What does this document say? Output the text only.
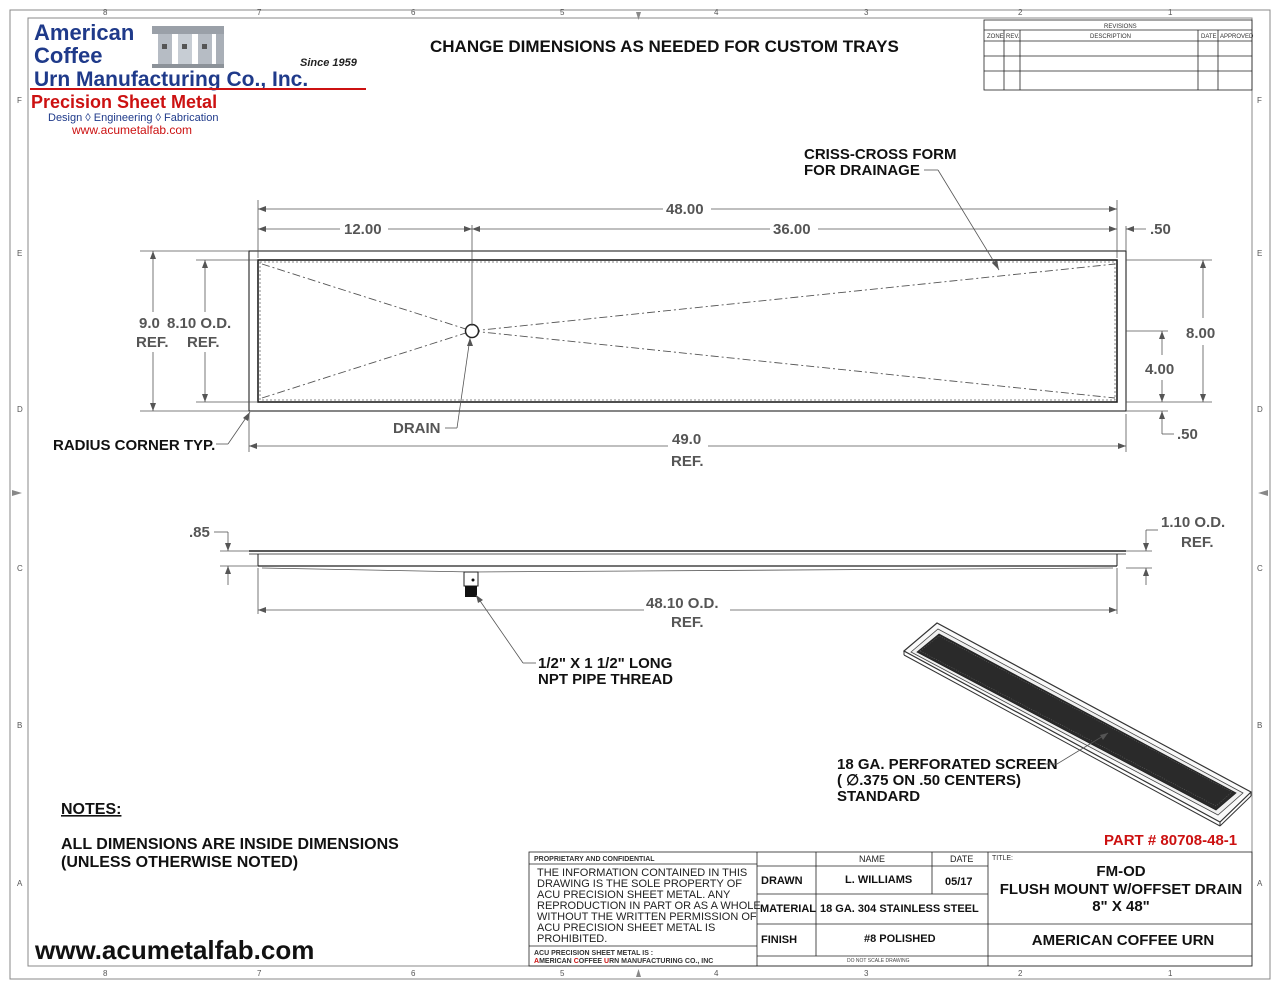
8	7	6	5	4	3	2	1
8	7	6	5	4	3	2	1
F
E
D
C
B
A
F
E
D
C
B
A
American
Coffee
Urn Manufacturing Co., Inc.
Since 1959
Precision Sheet Metal
Design ◊ Engineering ◊ Fabrication
www.acumetalfab.com
CHANGE DIMENSIONS AS NEEDED FOR CUSTOM TRAYS
REVISIONS
ZONE REV.	DESCRIPTION	DATE APPROVED
48.00
12.00	36.00	.50
9.0
REF.
8.10 O.D.
REF.
8.00
4.00
.50
DRAIN
CRISS-CROSS FORM
FOR DRAINAGE
RADIUS CORNER TYP.	49.0
REF.
.85
1.10 O.D.
REF.
48.10 O.D.
REF.
1/2" X 1 1/2" LONG
NPT PIPE THREAD
18 GA. PERFORATED SCREEN
( ∅.375 ON .50 CENTERS)
STANDARD
NOTES:
ALL DIMENSIONS ARE INSIDE DIMENSIONS
(UNLESS OTHERWISE NOTED)
www.acumetalfab.com
PART # 80708-48-1
PROPRIETARY AND CONFIDENTIAL
THE INFORMATION CONTAINED IN THIS
DRAWING IS THE SOLE PROPERTY OF
ACU PRECISION SHEET METAL. ANY
REPRODUCTION IN PART OR AS A WHOLE
WITHOUT THE WRITTEN PERMISSION OF
ACU PRECISION SHEET METAL IS
PROHIBITED.
ACU PRECISION SHEET METAL IS :
AMERICAN COFFEE URN MANUFACTURING CO., INC
NAME	DATE
DRAWN	L. WILLIAMS	05/17
MATERIAL 18 GA. 304 STAINLESS STEEL
FINISH	#8 POLISHED
DO NOT SCALE DRAWING
TITLE:
FM-OD
FLUSH MOUNT W/OFFSET DRAIN
8" X 48"
AMERICAN COFFEE URN
